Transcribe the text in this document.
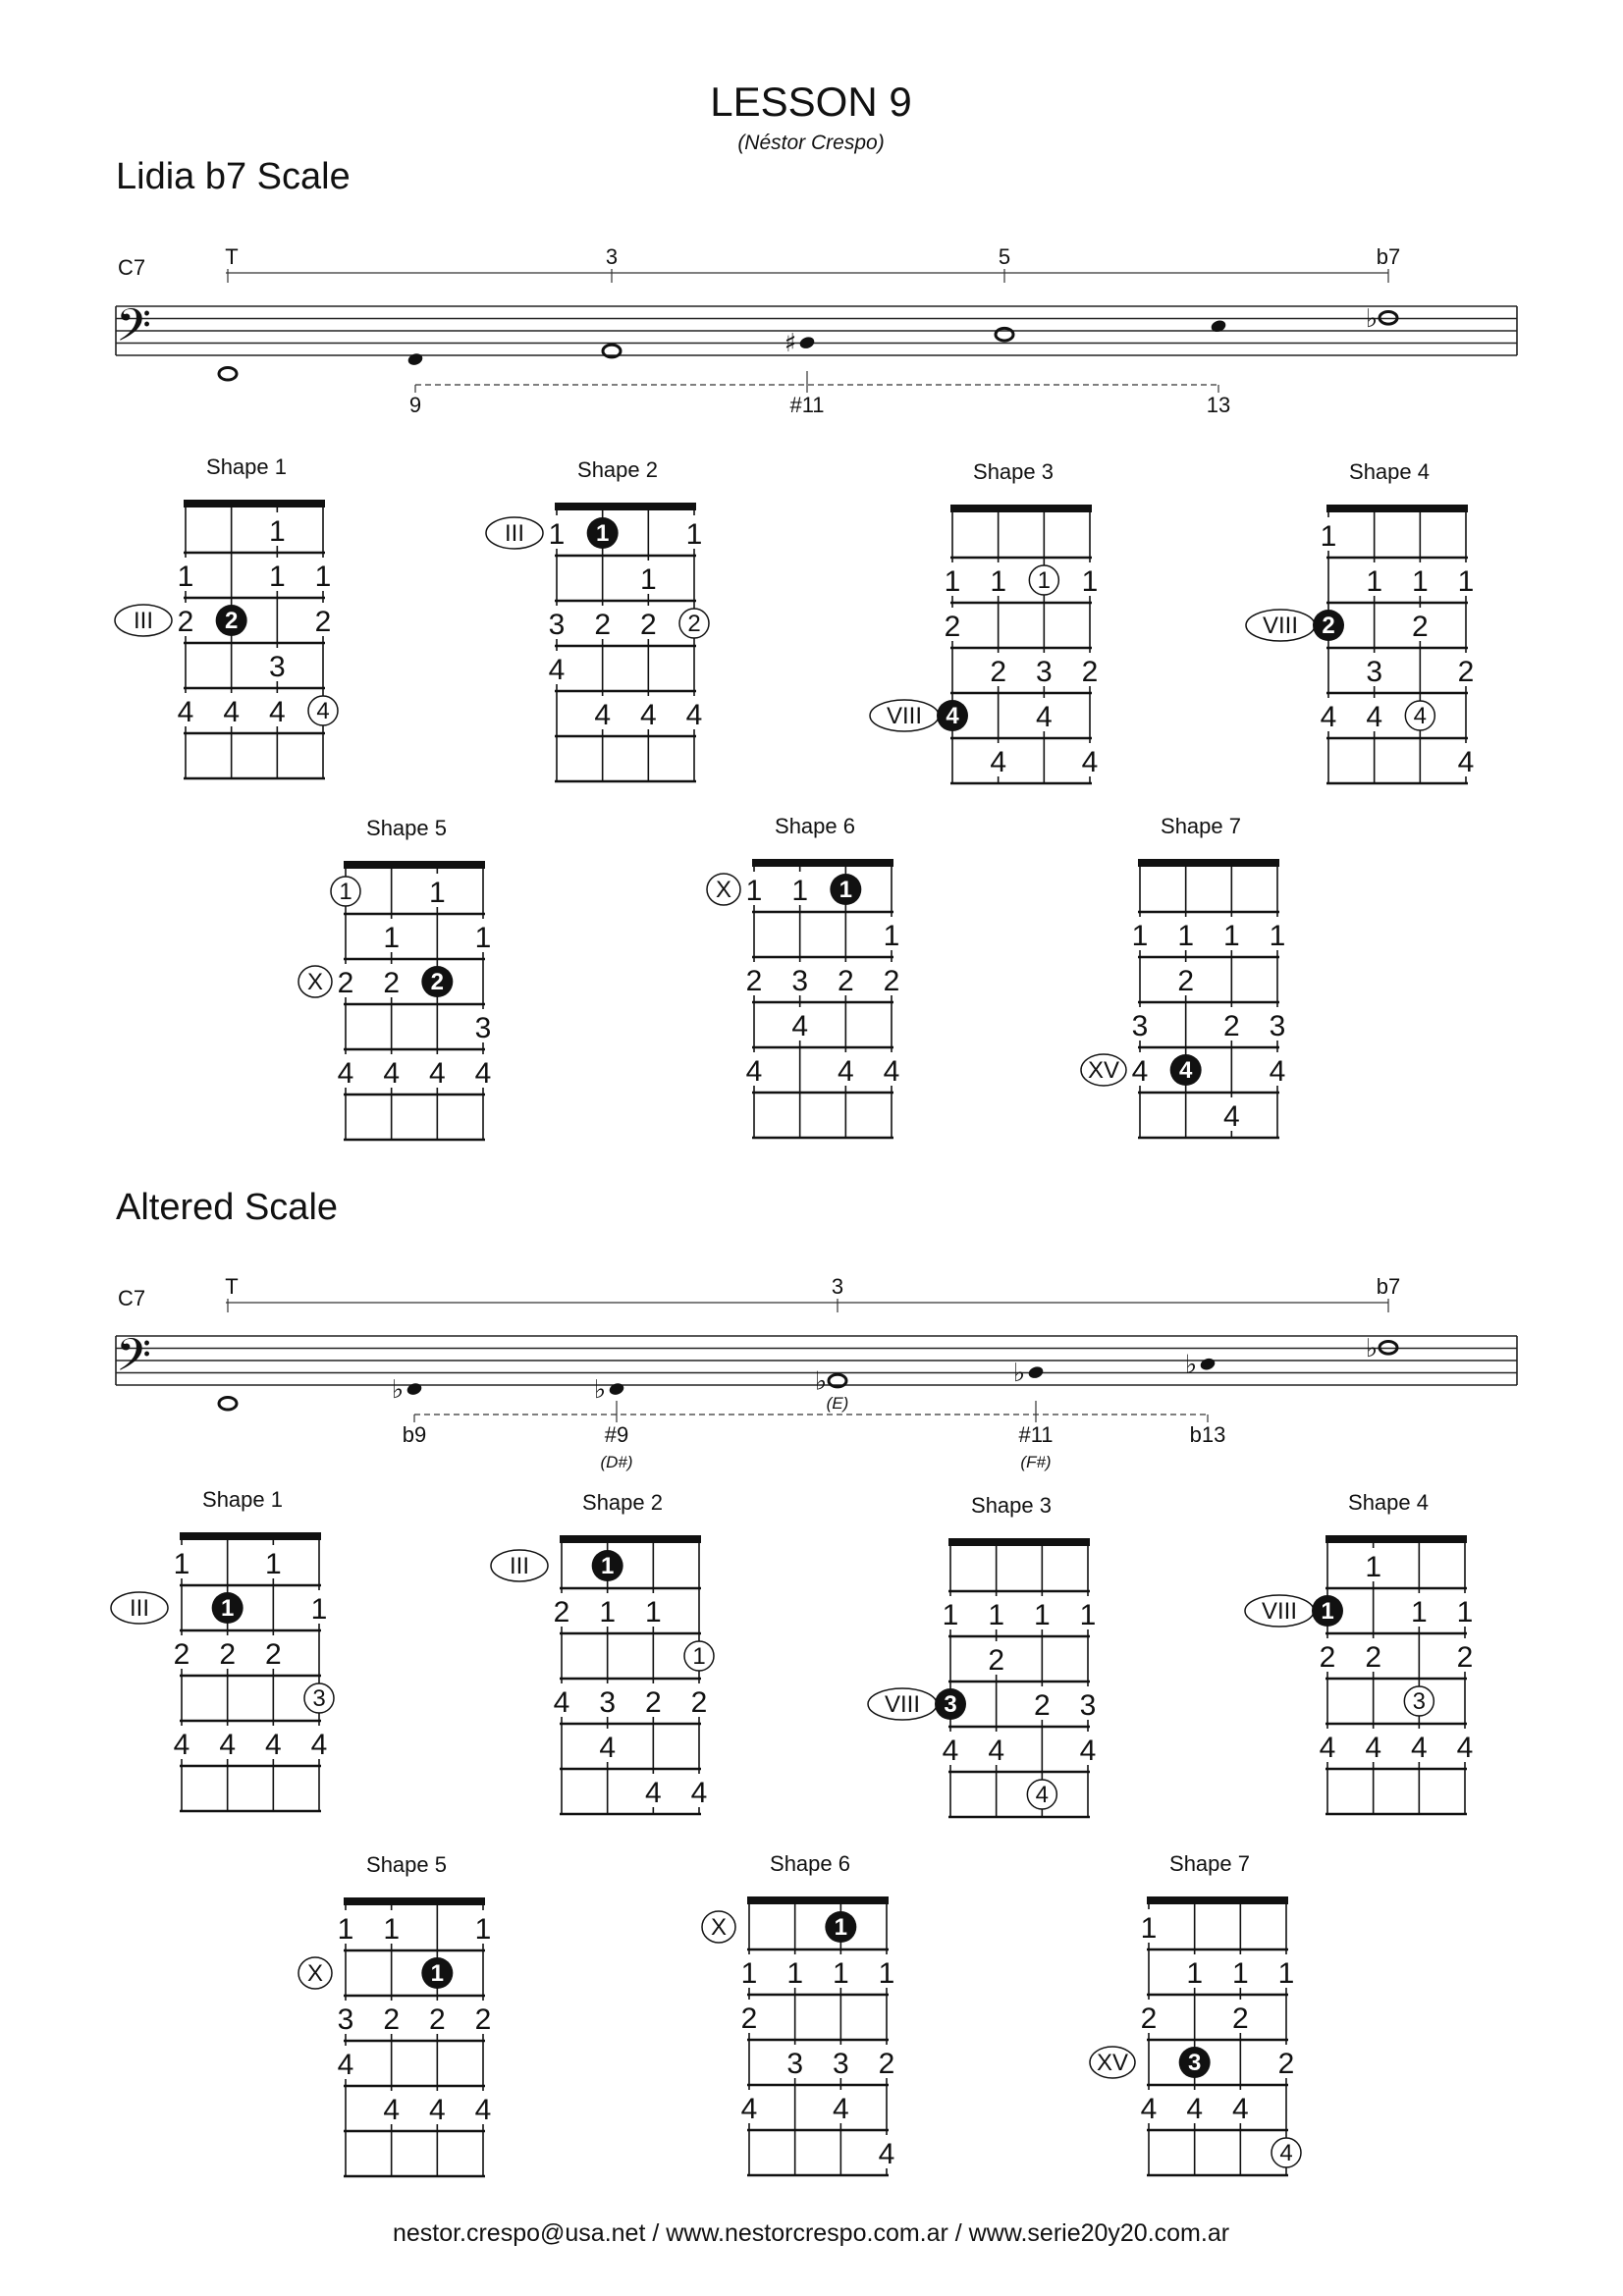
LESSON 9
(Néstor Crespo)
Lidia b7 Scale
C7
𝄢	♯
♭
T	3	5	b7
9	#11	13
Shape 1
III
1
1	1 1
2 2	2
3
4 4 4 4
Shape 2
III 1 1	1
1
3 2 2 2
4
4 4 4
Shape 3
VIII
1 1 1 1
2
2 3 2
4	4
4	4
Shape 4
VIII
1
1 1 1
2	2
3	2
4 4 4
4
Shape 5
X
1	1
1	1
2 2 2
3
4 4 4 4
Shape 6
X 1 1 1
1
2 3 2 2
4
4	4 4
Shape 7
XV
1 1 1 1
2
3	2 3
4 4	4
4
Altered Scale
C7
𝄢	♭	♭	♭	♭	♭
♭
T	3	b7
b9	#9
(D#)
#11
(F#)
b13
(E)
Shape 1
III
1	1
1	1
2 2 2
3
4 4 4 4
Shape 2
III	1
2 1 1
1
4 3 2 2
4
4 4
Shape 3
VIII
1 1 1 1
2
3	2 3
4 4	4
4
Shape 4
VIII
1
1	1 1
2 2	2
3
4 4 4 4
Shape 5
X
1 1	1
1
3 2 2 2
4
4 4 4
Shape 6
X	1
1 1 1 1
2
3 3 2
4	4
4
Shape 7
XV
1
1 1 1
2	2
3	2
4 4 4
4
nestor.crespo@usa.net / www.nestorcrespo.com.ar / www.serie20y20.com.ar
